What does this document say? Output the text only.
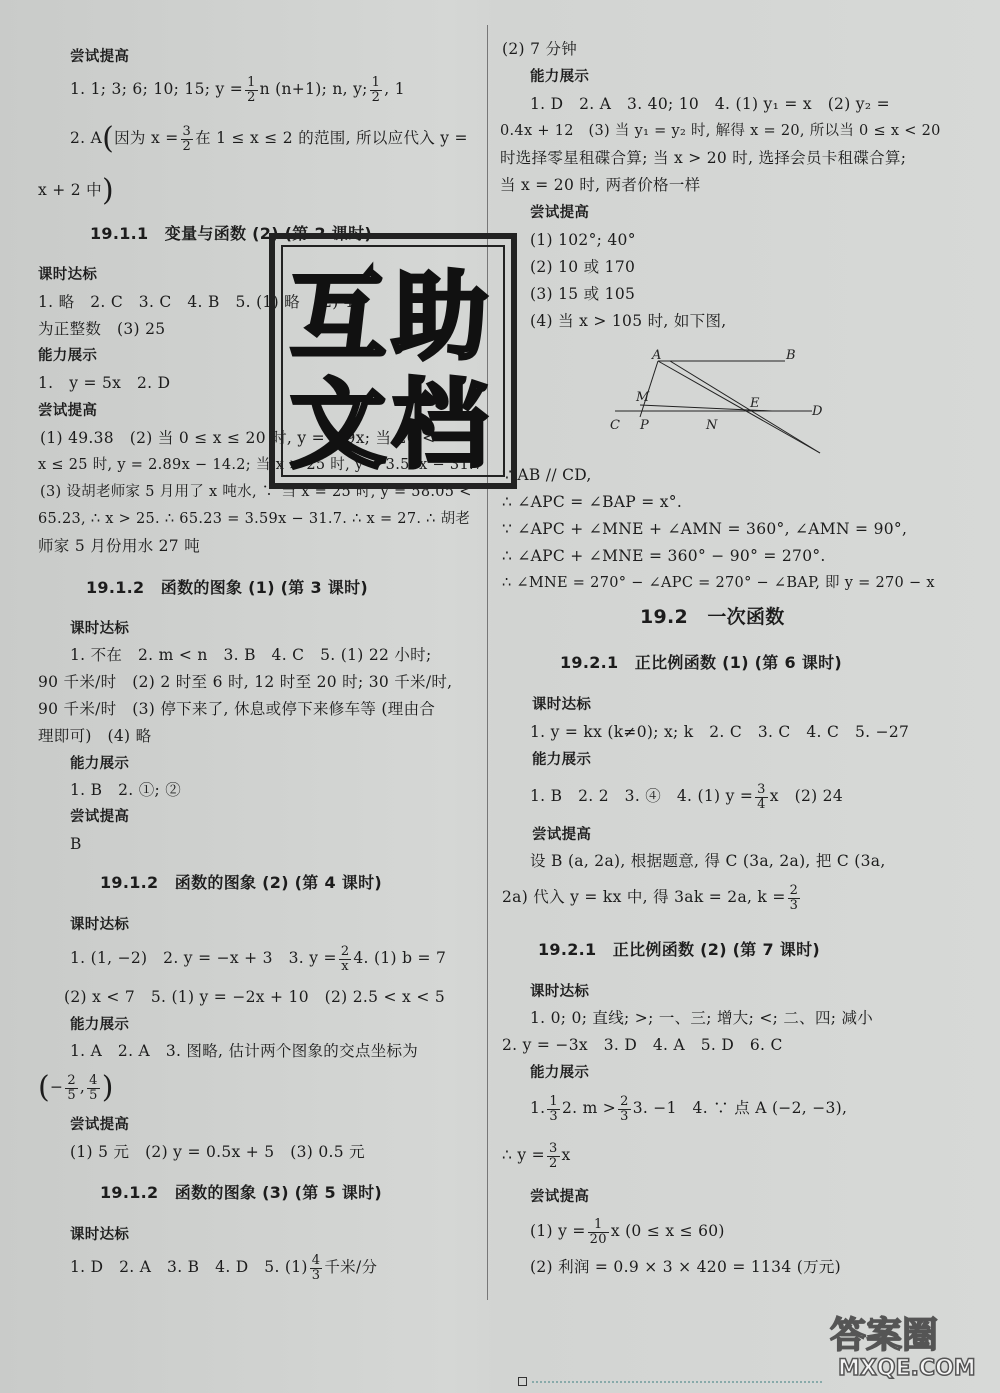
尝试提高
1. 1; 3; 6; 10; 15; $y = \frac{1}{2}$ n (n+1); n, y; $\frac{1}{2}$ , 1
2. A(因为 $x = \frac{3}{2}$ 在 1 ≤ x ≤ 2 的范围, 所以应代入 y =
x + 2 中)
19.1.1　变量与函数 (2) (第 2 课时)
课时达标
1. 略　2. C　3. C　4. B　5. (1) 略　(2) 41
为正整数　(3) 25
能力展示
1.　y = 5x　2. D
尝试提高
(1) 49.38　(2) 当 0 ≤ x ≤ 20 时, y = 1.9x; 当 20 <
x ≤ 25 时, y = 2.89x − 14.2; 当 x > 25 时, y = 3.59x − 31.7
(3) 设胡老师家 5 月用了 x 吨水, ∵ 当 x = 25 时, y = 58.05 <
65.23, ∴ x > 25. ∴ 65.23 = 3.59x − 31.7. ∴ x = 27. ∴ 胡老
师家 5 月份用水 27 吨
19.1.2　函数的图象 (1) (第 3 课时)
课时达标
1. 不在　2. m < n　3. B　4. C　5. (1) 22 小时;
90 千米/时　(2) 2 时至 6 时, 12 时至 20 时; 30 千米/时,
90 千米/时　(3) 停下来了, 休息或停下来修车等 (理由合
理即可)　(4) 略
能力展示
1. B　2. ①; ②
尝试提高
B
19.1.2　函数的图象 (2) (第 4 课时)
课时达标
1. (1, −2)　2. y = −x + 3　3. $y = \frac{2}{x} 4$. (1) b = 7
(2) x < 7　5. (1) y = −2x + 10　(2) 2.5 < x < 5
能力展示
1. A　2. A　3. 图略, 估计两个图象的交点坐标为
(− $\frac{2}{5}$ , $\frac{4}{5}$ )
尝试提高
(1) 5 元　(2) y = 0.5x + 5　(3) 0.5 元
19.1.2　函数的图象 (3) (第 5 课时)
课时达标
1. D　2. A　3. B　4. D　5. $(1) \frac{4}{3}$ 千米/分
(2) 7 分钟
能力展示
1. D　2. A　3. 40; 10　4. (1) y₁ = x　(2) y₂ =
0.4x + 12　(3) 当 y₁ = y₂ 时, 解得 x = 20, 所以当 0 ≤ x < 20
时选择零星租碟合算; 当 x > 20 时, 选择会员卡租碟合算;
当 x = 20 时, 两者价格一样
尝试提高
(1) 102°; 40°
(2) 10 或 170
(3) 15 或 105
(4) 当 x > 105 时, 如下图,
∵ AB // CD,
∴ ∠APC = ∠BAP = x°.
∵ ∠APC + ∠MNE + ∠AMN = 360°, ∠AMN = 90°,
∴ ∠APC + ∠MNE = 360° − 90° = 270°.
∴ ∠MNE = 270° − ∠APC = 270° − ∠BAP, 即 y = 270 − x
19.2　一次函数
19.2.1　正比例函数 (1) (第 6 课时)
课时达标
1. y = kx (k≠0); x; k　2. C　3. C　4. C　5. −27
能力展示
1. B　2. 2　3. ④　4. (1) $y = \frac{3}{4}$ x　(2) 24
尝试提高
设 B (a, 2a), 根据题意, 得 C (3a, 2a), 把 C (3a,
2a) 代入 y = kx 中, 得 3ak = 2a, $k = \frac{2}{3}$
19.2.1　正比例函数 (2) (第 7 课时)
课时达标
1. 0; 0; 直线; >; 一、三; 增大; <; 二、四; 减小
2. y = −3x　3. D　4. A　5. D　6. C
能力展示
1. $\frac{1}{3} 2$. $m > \frac{2}{3} 3$. −1　4. ∵ 点 A (−2, −3),
∴ $y = \frac{3}{2}$ x
尝试提高
(1) $y = \frac{1}{20}$ x (0 ≤ x ≤ 60)
(2) 利润 = 0.9 × 3 × 420 = 1134 (万元)
A	B
M	E
D
C P	N
互 助
文 档
答案圈
MXQE.COM
